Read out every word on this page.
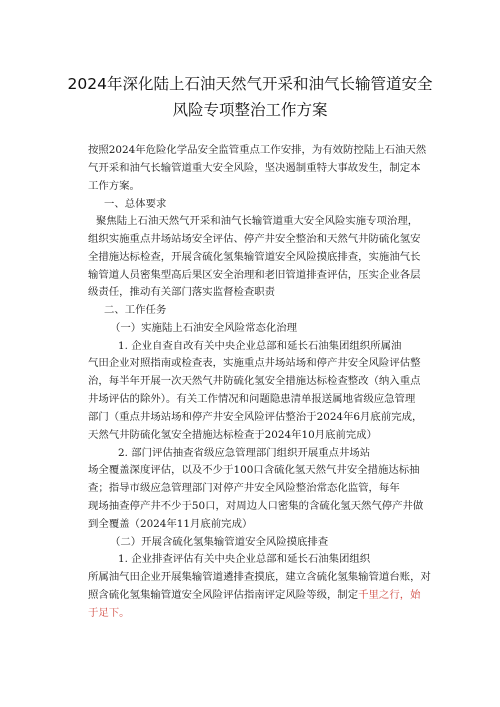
2024年深化陆上石油天然气开采和油气长输管道安全
风险专项整治工作方案
按照2024年危险化学品安全监管重点工作安排，为有效防控陆上石油天然
气开采和油气长输管道重大安全风险，坚决遏制重特大事故发生，制定本
工作方案。
一、总体要求
聚焦陆上石油天然气开采和油气长输管道重大安全风险实施专项治理，
组织实施重点井场站场安全评估、停产井安全整治和天然气井防硫化氢安
全措施达标检查，开展含硫化氢集输管道安全风险摸底排查，实施油气长
输管道人员密集型高后果区安全治理和老旧管道排查评估，压实企业各层
级责任，推动有关部门落实监督检查职责
二、工作任务
（一）实施陆上石油安全风险常态化治理
1. 企业自查自改有关中央企业总部和延长石油集团组织所属油
气田企业对照指南或检查表，实施重点井场站场和停产井安全风险评估整
治，每半年开展一次天然气井防硫化氢安全措施达标检查整改（纳入重点
井场评估的除外）。有关工作情况和问题隐患清单报送属地省级应急管理
部门（重点井场站场和停产井安全风险评估整治于2024年6月底前完成，
天然气井防硫化氢安全措施达标检查于2024年10月底前完成）
2. 部门评估抽查省级应急管理部门组织开展重点井场站
场全覆盖深度评估，以及不少于100口含硫化氢天然气井安全措施达标抽
查；指导市级应急管理部门对停产井安全风险整治常态化监管，每年
现场抽查停产井不少于50口，对周边人口密集的含硫化氢天然气停产井做
到全覆盖（2024年11月底前完成）
（二）开展含硫化氢集输管道安全风险摸底排查
1. 企业排查评估有关中央企业总部和延长石油集团组织
所属油气田企业开展集输管道遴排查摸底，建立含硫化氢集输管道台账，对
照含硫化氢集输管道安全风险评估指南评定风险等级，制定千里之行，始
于足下。
